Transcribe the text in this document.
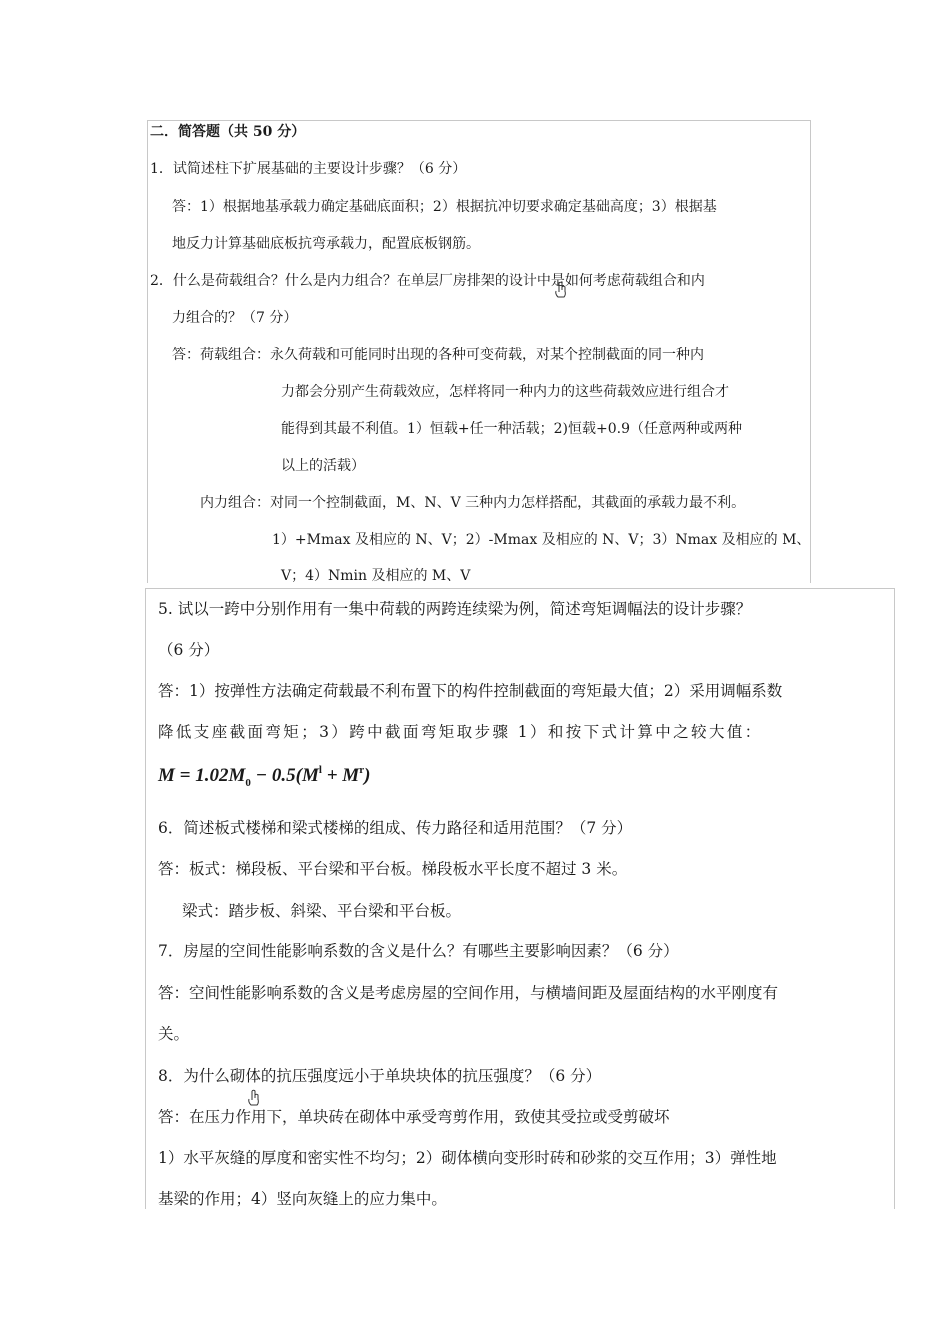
二．简答题（共 50 分）
1．试简述柱下扩展基础的主要设计步骤？（6 分）
答：1）根据地基承载力确定基础底面积；2）根据抗冲切要求确定基础高度；3）根据基
地反力计算基础底板抗弯承载力，配置底板钢筋。
2．什么是荷载组合？什么是内力组合？在单层厂房排架的设计中是如何考虑荷载组合和内
力组合的？（7 分）
答：荷载组合：永久荷载和可能同时出现的各种可变荷载，对某个控制截面的同一种内
力都会分别产生荷载效应，怎样将同一种内力的这些荷载效应进行组合才
能得到其最不利值。1）恒载+任一种活载；2)恒载+0.9（任意两种或两种
以上的活载）
内力组合：对同一个控制截面，M、N、V 三种内力怎样搭配，其截面的承载力最不利。
1）+Mmax 及相应的 N、V；2）-Mmax 及相应的 N、V；3）Nmax 及相应的 M、
V；4）Nmin 及相应的 M、V
5. 试以一跨中分别作用有一集中荷载的两跨连续梁为例，简述弯矩调幅法的设计步骤？
（6 分）
答：1）按弹性方法确定荷载最不利布置下的构件控制截面的弯矩最大值；2）采用调幅系数
降低支座截面弯矩；3）跨中截面弯矩取步骤 1）和按下式计算中之较大值：
$M = 1.02M_0 - 0.5(M^l + M^r)$
6．简述板式楼梯和梁式楼梯的组成、传力路径和适用范围？（7 分）
答：板式：梯段板、平台梁和平台板。梯段板水平长度不超过 3 米。
梁式：踏步板、斜梁、平台梁和平台板。
7．房屋的空间性能影响系数的含义是什么？有哪些主要影响因素？（6 分）
答：空间性能影响系数的含义是考虑房屋的空间作用，与横墙间距及屋面结构的水平刚度有
关。
8．为什么砌体的抗压强度远小于单块块体的抗压强度？（6 分）
答：在压力作用下，单块砖在砌体中承受弯剪作用，致使其受拉或受剪破坏
1）水平灰缝的厚度和密实性不均匀；2）砌体横向变形时砖和砂浆的交互作用；3）弹性地
基梁的作用；4）竖向灰缝上的应力集中。
